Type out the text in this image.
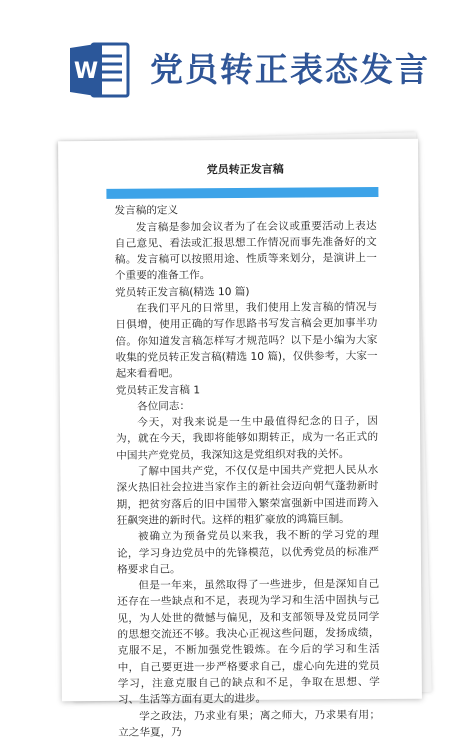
W 党员转正表态发言
党员转正发言稿

发言稿的定义

发言稿是参加会议者为了在会议或重要活动上表达自己意见、看法或汇报思想工作情况而事先准备好的文稿。发言稿可以按照用途、性质等来划分，是演讲上一个重要的准备工作。

党员转正发言稿(精选 10 篇)

在我们平凡的日常里，我们使用上发言稿的情况与日俱增，使用正确的写作思路书写发言稿会更加事半功倍。你知道发言稿怎样写才规范吗？以下是小编为大家收集的党员转正发言稿(精选 10 篇)，仅供参考，大家一起来看看吧。

党员转正发言稿 1

各位同志：

今天，对我来说是一生中最值得纪念的日子，因为，就在今天，我即将能够如期转正，成为一名正式的中国共产党党员，我深知这是党组织对我的关怀。

了解中国共产党，不仅仅是中国共产党把人民从水深火热旧社会拉进当家作主的新社会迈向朝气蓬勃新时期，把贫穷落后的旧中国带入繁荣富强新中国进而跨入狂飙突进的新时代。这样的粗犷豪放的鸿篇巨制。

被确立为预备党员以来我，我不断的学习党的理论，学习身边党员中的先锋模范，以优秀党员的标准严格要求自己。

但是一年来，虽然取得了一些进步，但是深知自己还存在一些缺点和不足，表现为学习和生活中固执与己见，为人处世的微憾与偏见，及和支部领导及党员同学的思想交流还不够。我决心正视这些问题，发扬成绩，克服不足，不断加强党性锻炼。在今后的学习和生活中，自己要更进一步严格要求自己，虚心向先进的党员学习，注意克服自己的缺点和不足，争取在思想、学习、生活等方面有更大的进步。

学之政法，乃求业有果；离之师大，乃求果有用；立之华夏，乃
